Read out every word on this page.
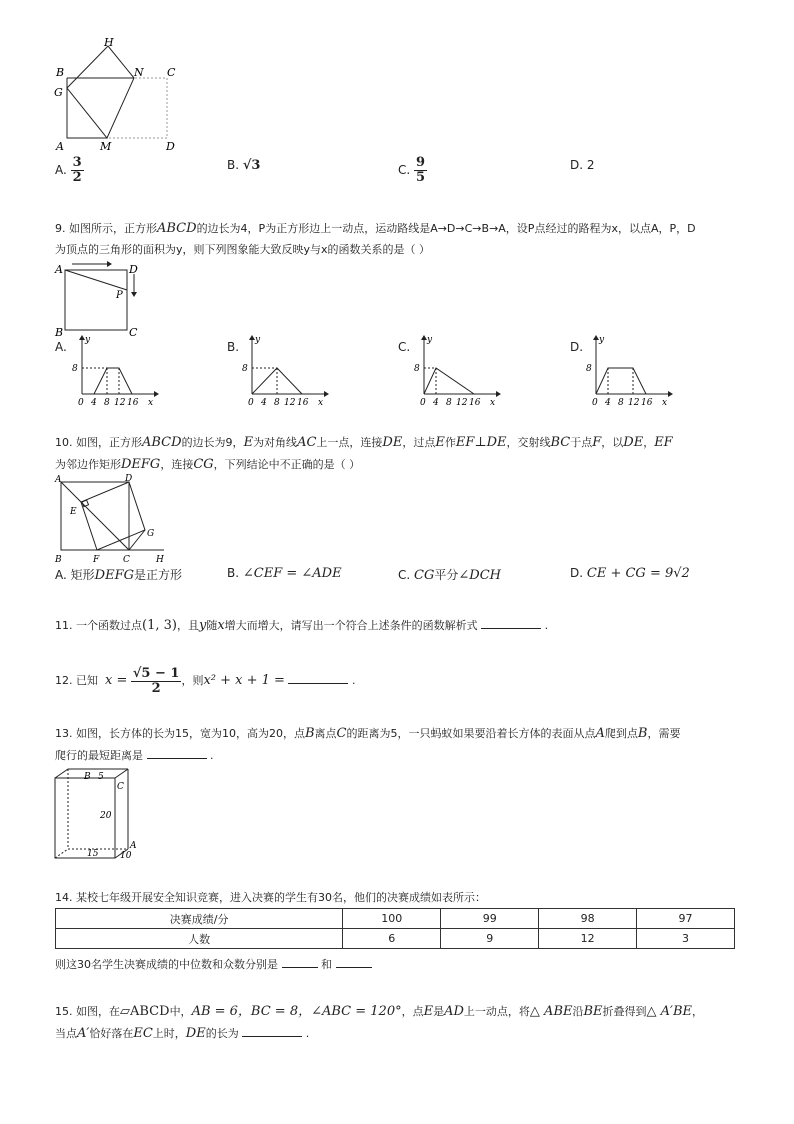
H
B	N C
G
A	M	D
A. $\frac{3}{2}$	B. √3	C. $\frac{9}{5}$	D. 2
9. 如图所示，正方形ABCD的边长为4，P为正方形边上一动点，运动路线是A→D→C→B→A，设P点经过的路程为x，以点A，P，D
为顶点的三角形的面积为y，则下列图象能大致反映y与x的函数关系的是（ ）
A	D
P
B	C
A.	B.	C.	D.
y
8
0 4 8 12 16 x
y
8
0 4 8 12 16 x
y
8
0 4 8 12 16 x
y
8
0 4 8 12 16 x
10. 如图，正方形ABCD的边长为9，E为对角线AC上一点，连接DE，过点E作EF⊥DE，交射线BC于点F，以DE，EF
为邻边作矩形DEFG，连接CG，下列结论中不正确的是（ ）
A	D
E
G
B	F	C	H
A. 矩形DEFG是正方形	B. ∠CEF = ∠ADE	C. CG平分∠DCH	D. CE + CG = 9√2
11. 一个函数过点(1, 3)，且y随x增大而增大，请写出一个符合上述条件的函数解析式	.
12. 已知 $x = \frac{√5 - 1}{2}$ ，则x² + x + 1 =	.
13. 如图，长方体的长为15，宽为10，高为20，点B离点C的距离为5，一只蚂蚁如果要沿着长方体的表面从点A爬到点B，需要
爬行的最短距离是	.
B 5
C
20
A
15 10
14. 某校七年级开展安全知识竞赛，进入决赛的学生有30名，他们的决赛成绩如表所示：
决赛成绩/分	100	99	98	97
人数	6	9	12	3
则这30名学生决赛成绩的中位数和众数分别是	和
15. 如图，在▱ABCD中，AB = 6，BC = 8，∠ABC = 120°，点E是AD上一动点，将△ ABE沿BE折叠得到△ A′BE，
当点A′恰好落在EC上时，DE的长为	.
